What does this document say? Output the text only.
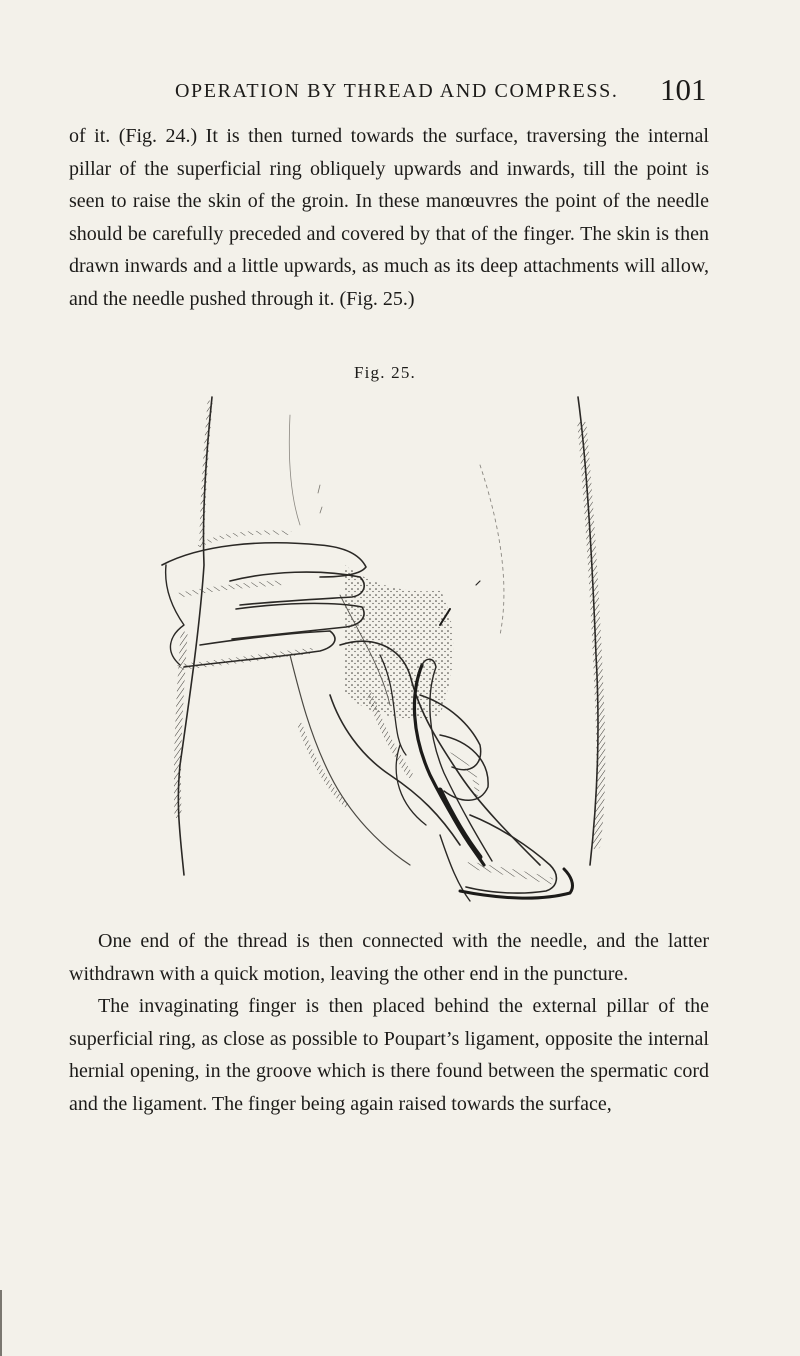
OPERATION BY THREAD AND COMPRESS. 101

of it. (Fig. 24.) It is then turned towards the surface, traversing the internal pillar of the superficial ring obliquely upwards and inwards, till the point is seen to raise the skin of the groin. In these manœuvres the point of the needle should be carefully preceded and covered by that of the finger. The skin is then drawn inwards and a little upwards, as much as its deep attachments will allow, and the needle pushed through it. (Fig. 25.)

Fig. 25.

One end of the thread is then connected with the needle, and the latter withdrawn with a quick motion, leaving the other end in the puncture.

The invaginating finger is then placed behind the external pillar of the superficial ring, as close as possible to Poupart’s ligament, opposite the internal hernial opening, in the groove which is there found between the spermatic cord and the ligament. The finger being again raised towards the surface,
